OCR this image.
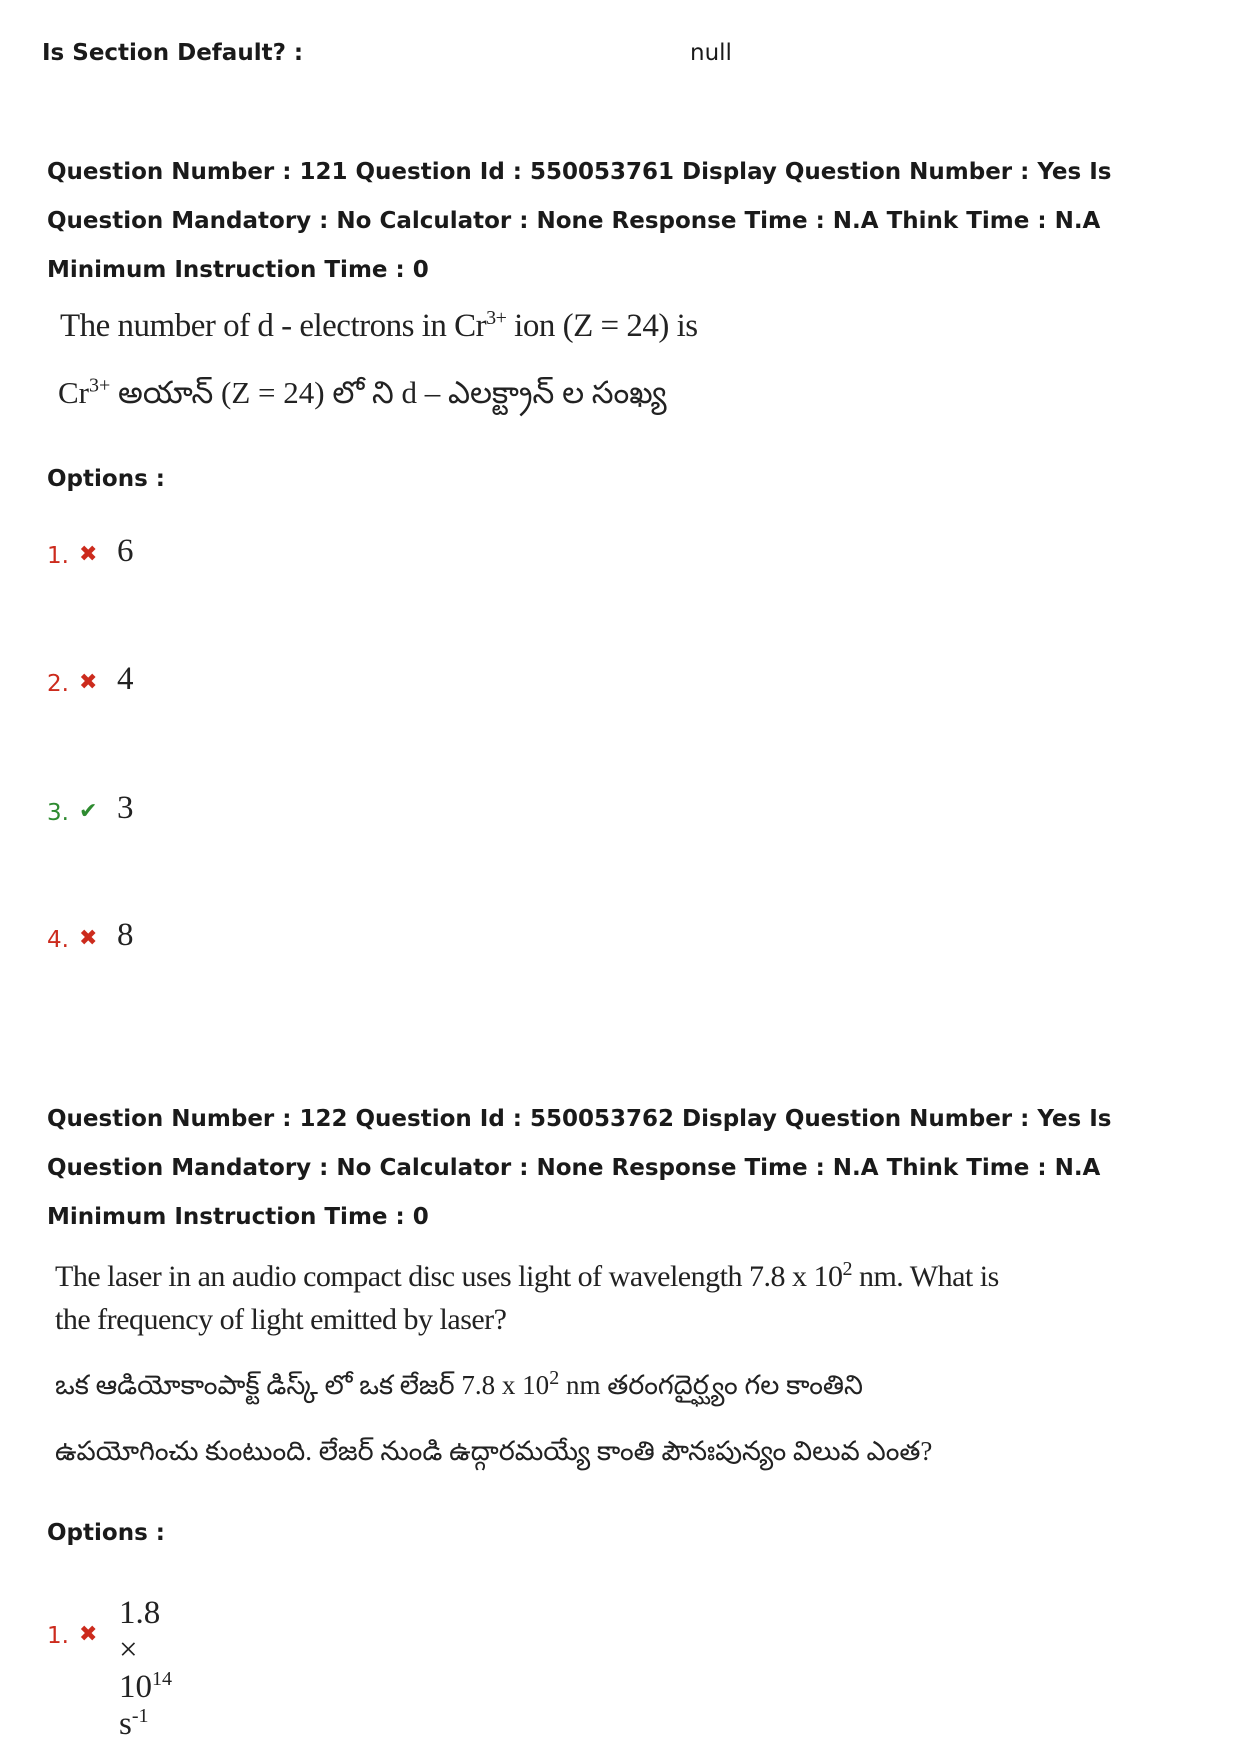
Is Section Default? :	null
Question Number : 121 Question Id : 550053761 Display Question Number : Yes Is Question Mandatory : No Calculator : None Response Time : N.A Think Time : N.A Minimum Instruction Time : 0
The number of d - electrons in $Cr^{3+}$ ion (Z = 24) is
$Cr^{3+}$ అయాన్ (Z = 24) లో ని d – ఎలక్ట్రాన్ ల సంఖ్య
Options :
1. ✖ 6
2. ✖ 4
3. ✔ 3
4. ✖ 8
Question Number : 122 Question Id : 550053762 Display Question Number : Yes Is Question Mandatory : No Calculator : None Response Time : N.A Think Time : N.A Minimum Instruction Time : 0
The laser in an audio compact disc uses light of wavelength 7.8 x $10^2$ nm. What is
the frequency of light emitted by laser?
ఒక ఆడియోకాంపాక్ట్ డిస్క్ లో ఒక లేజర్ 7.8 x $10^2$ nm తరంగదైర్ఘ్యం గల కాంతిని
ఉపయోగించు కుంటుంది. లేజర్ నుండి ఉద్గారమయ్యే కాంతి పౌనఃపున్యం విలువ ఎంత?
Options :
1. ✖
$1.8 \times 10^{14}$ $s^{-1}$
